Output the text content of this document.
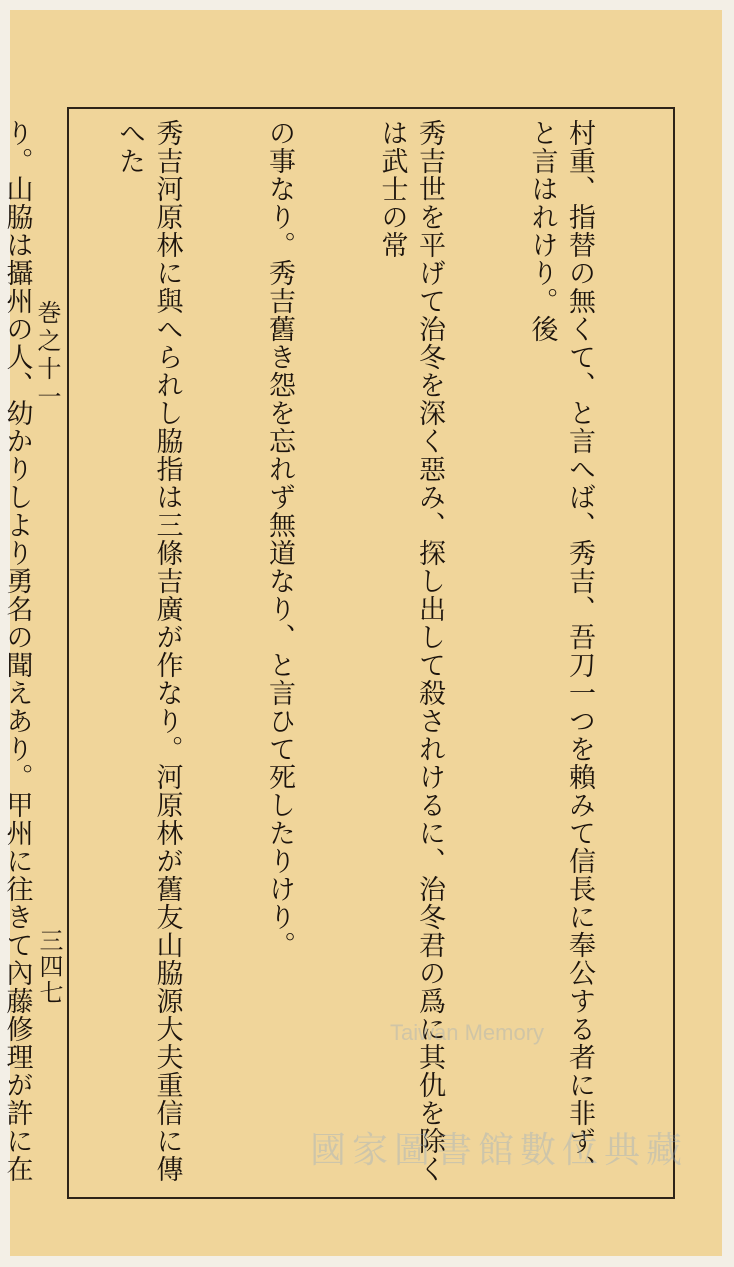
村重、指替の無くて、と言へば、秀吉、吾刀一つを賴みて信長に奉公する者に非ず、と言はれけり。後

秀吉世を平げて治冬を深く惡み、探し出して殺されけるに、治冬君の爲に其仇を除くは武士の常

の事なり。秀吉舊き怨を忘れず無道なり、と言ひて死したりけり。

秀吉河原林に與へられし脇指は三條吉廣が作なり。河原林が舊友山脇源大夫重信に傳へた

り。山脇は攝州の人、幼かりしより勇名の聞えあり。甲州に往きて內藤修理が許に在

巻之十一
三四七
Taiwan Memory
國家圖書館數位典藏
